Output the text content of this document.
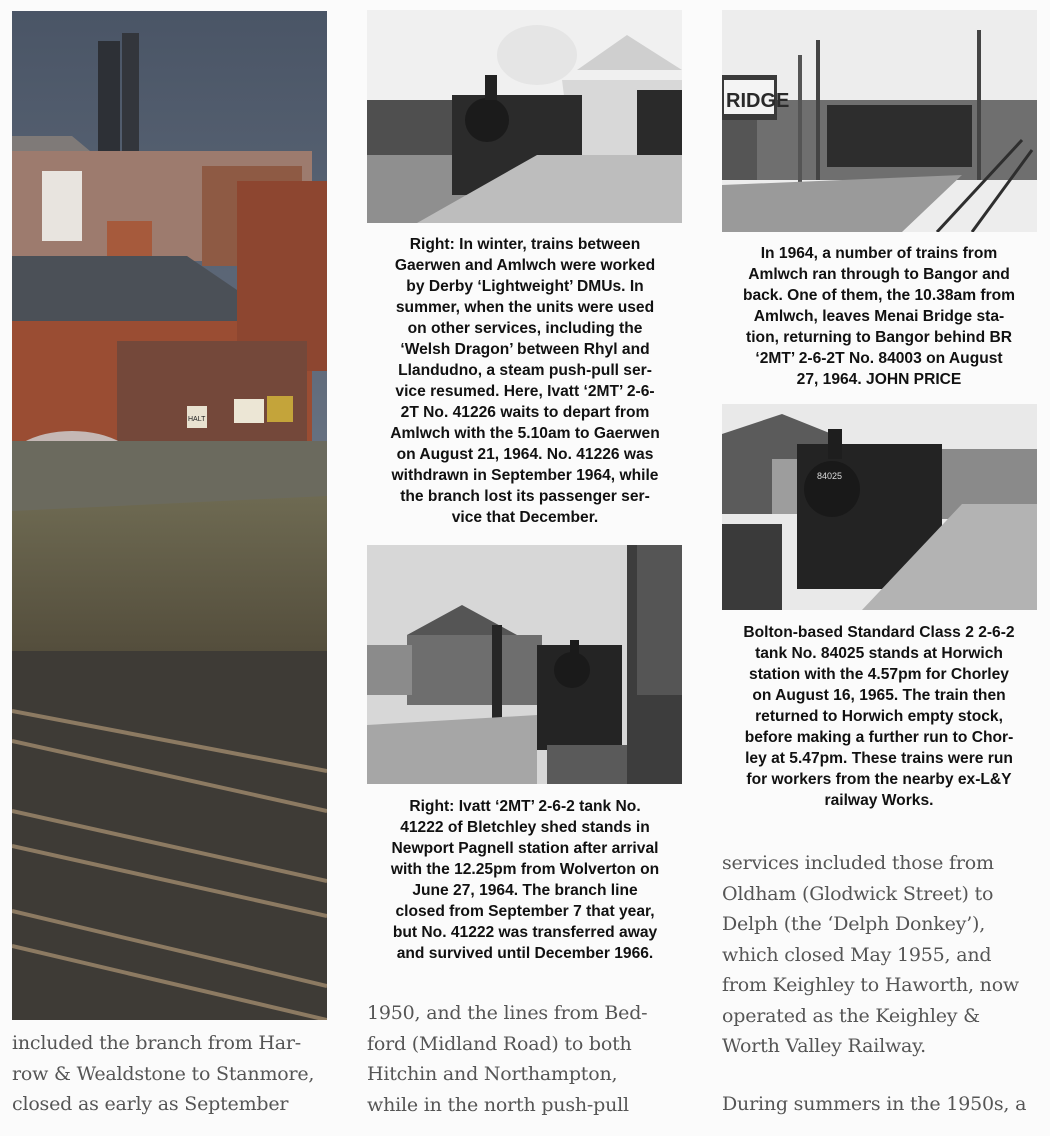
HALT
RIDGE
84025
Right: In winter, trains between
Gaerwen and Amlwch were worked
by Derby ‘Lightweight’ DMUs. In
summer, when the units were used
on other services, including the
‘Welsh Dragon’ between Rhyl and
Llandudno, a steam push-pull ser-
vice resumed. Here, Ivatt ‘2MT’ 2-6-
2T No. 41226 waits to depart from
Amlwch with the 5.10am to Gaerwen
on August 21, 1964. No. 41226 was
withdrawn in September 1964, while
the branch lost its passenger ser-
vice that December.
Right: Ivatt ‘2MT’ 2-6-2 tank No.
41222 of Bletchley shed stands in
Newport Pagnell station after arrival
with the 12.25pm from Wolverton on
June 27, 1964. The branch line
closed from September 7 that year,
but No. 41222 was transferred away
and survived until December 1966.
In 1964, a number of trains from
Amlwch ran through to Bangor and
back. One of them, the 10.38am from
Amlwch, leaves Menai Bridge sta-
tion, returning to Bangor behind BR
‘2MT’ 2-6-2T No. 84003 on August
27, 1964. JOHN PRICE
Bolton-based Standard Class 2 2-6-2
tank No. 84025 stands at Horwich
station with the 4.57pm for Chorley
on August 16, 1965. The train then
returned to Horwich empty stock,
before making a further run to Chor-
ley at 5.47pm. These trains were run
for workers from the nearby ex-L&Y
railway Works.
included the branch from Har-
row & Wealdstone to Stanmore,
closed as early as September
1950, and the lines from Bed-
ford (Midland Road) to both
Hitchin and Northampton,
while in the north push-pull
services included those from
Oldham (Glodwick Street) to
Delph (the ‘Delph Donkey’),
which closed May 1955, and
from Keighley to Haworth, now
operated as the Keighley &
Worth Valley Railway.
During summers in the 1950s, a
